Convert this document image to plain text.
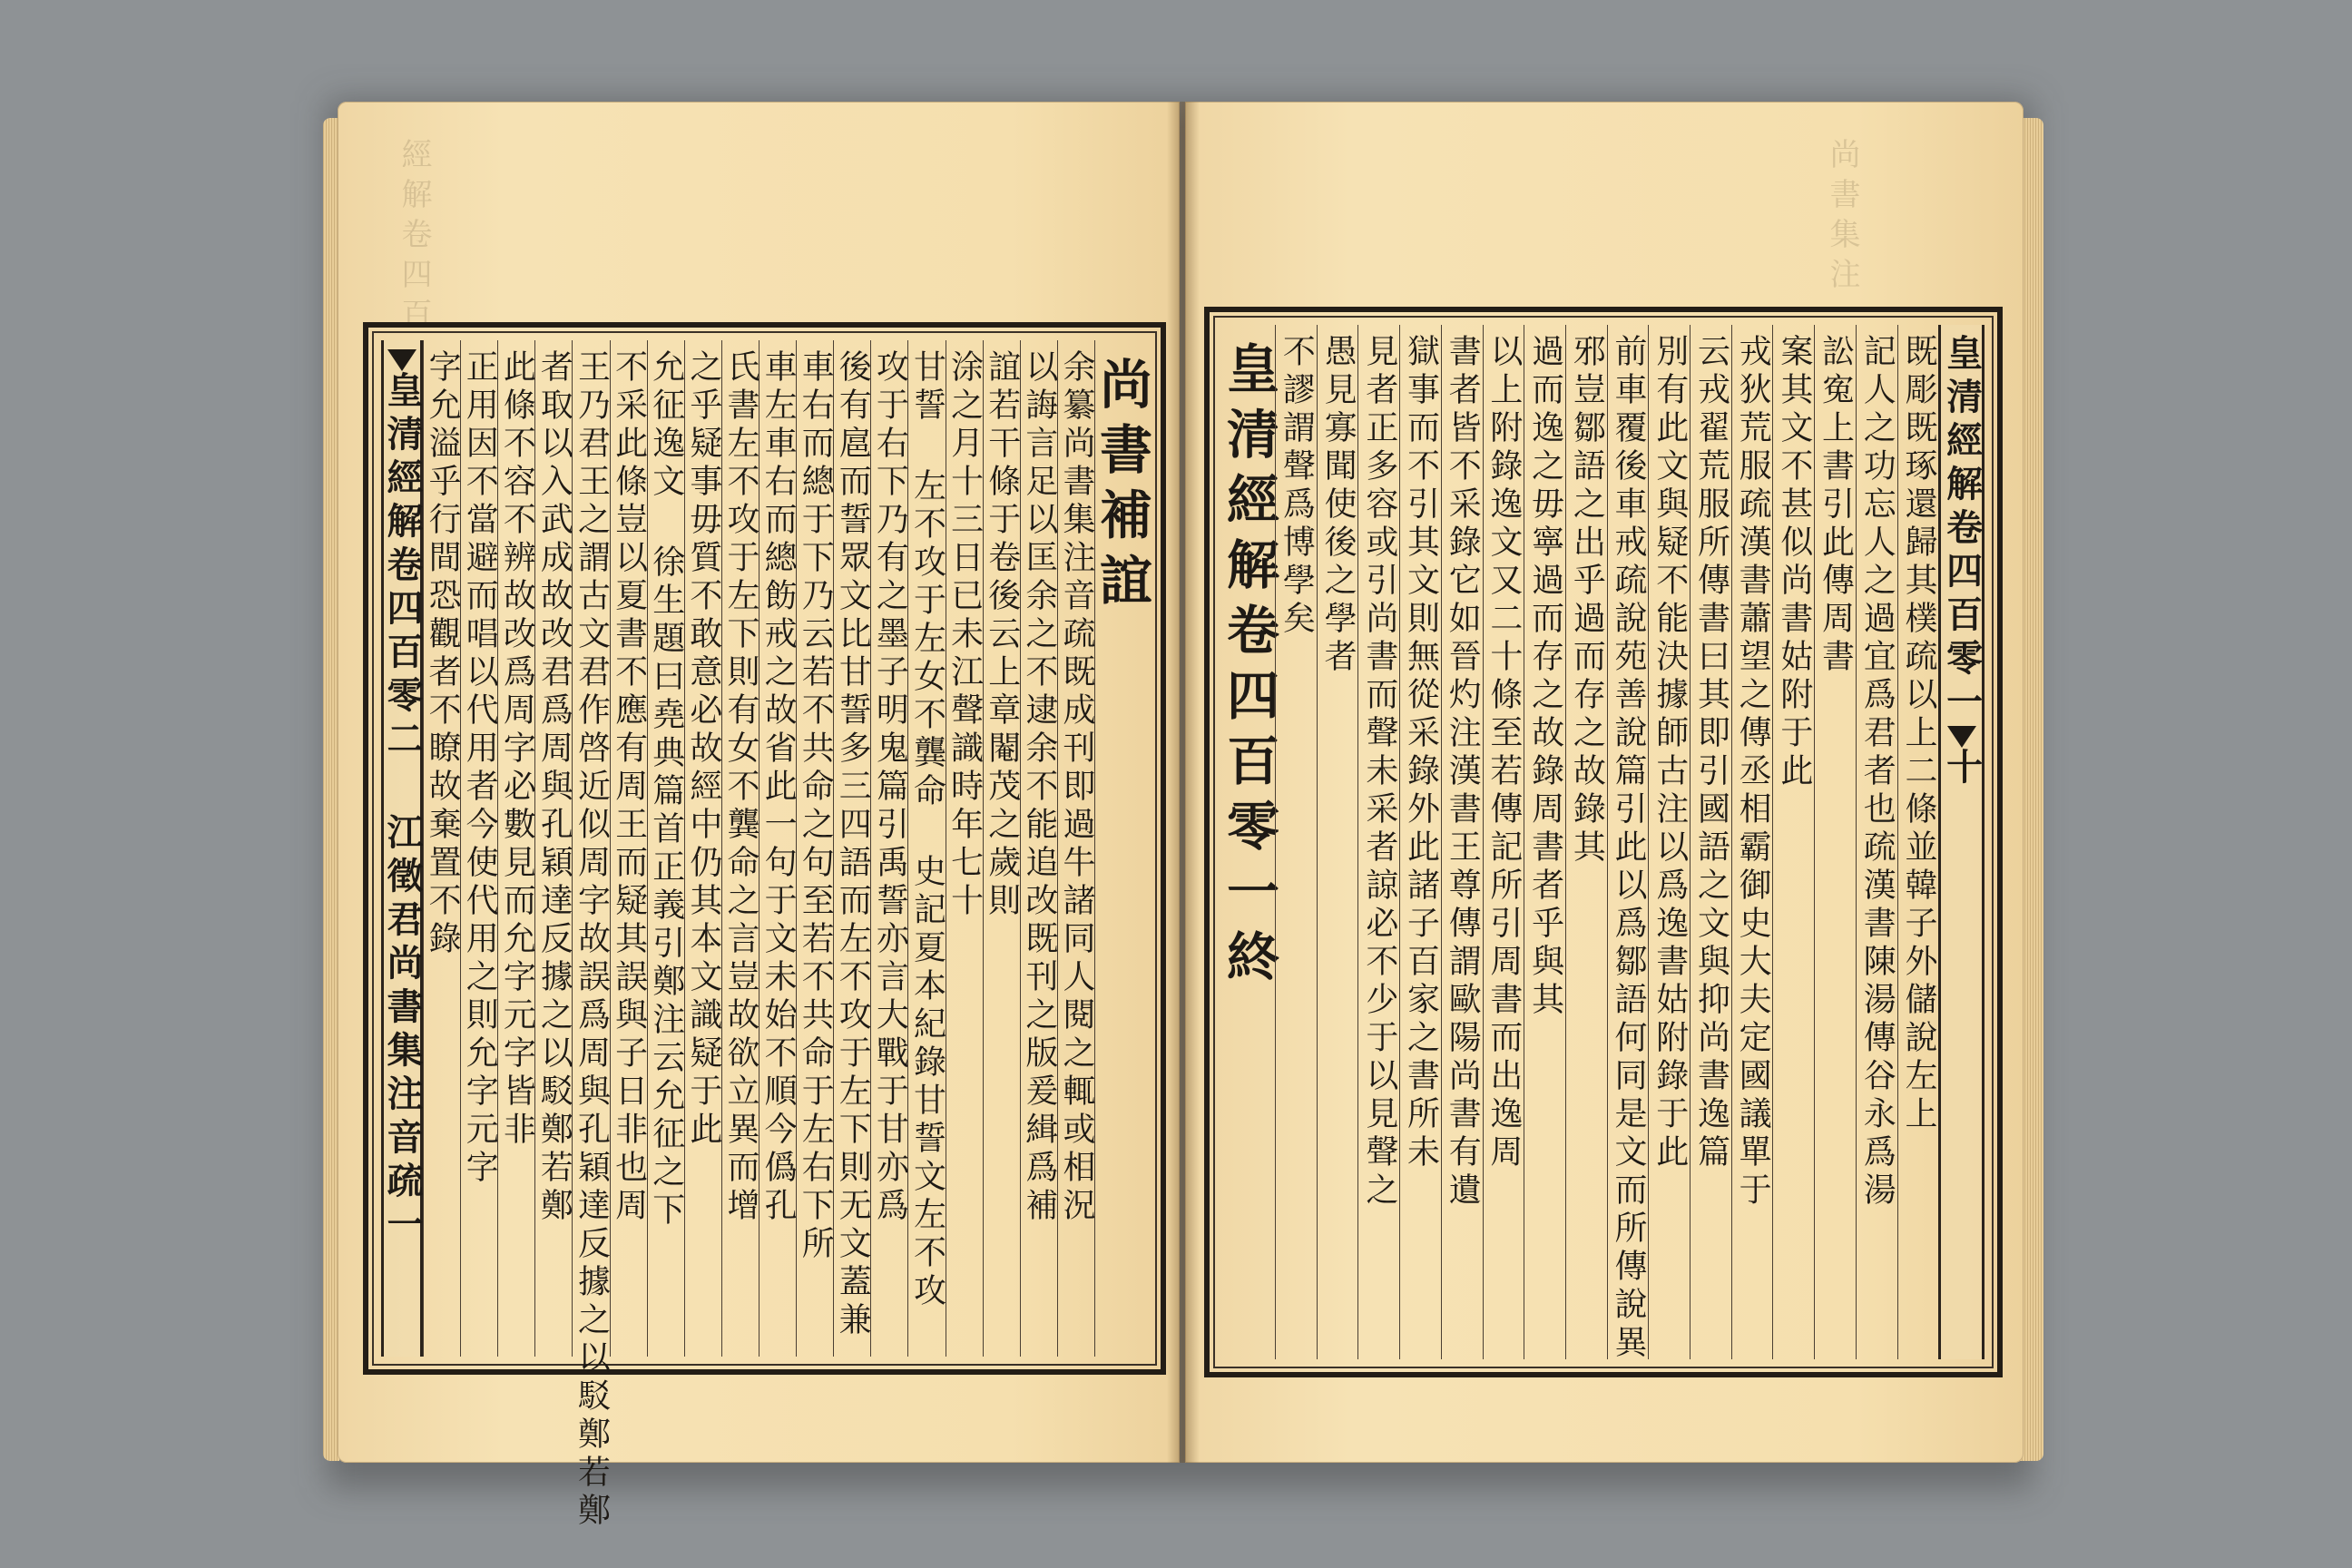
經解卷四百	尚書集注
尚書補誼
余纂尚書集注音疏既成刊即過牛諸同人閱之輒或相況
以誨言足以匡余之不逮余不能追改既刊之版爰緝爲補
誼若干條于卷後云上章閹茂之歲則
涂之月十三日已未江聲識時年七十
甘誓 左不攻于左女不龔命 史記夏本紀錄甘誓文左不攻
攻于右下乃有之墨子明鬼篇引禹誓亦言大戰于甘亦爲
後有扈而誓眾文比甘誓多三四語而左不攻于左下則无文蓋兼
車右而總于下乃云若不共命之句至若不共命于左右下所
車左車右而總飭戒之故省此一句于文未始不順今僞孔
氏書左不攻于左下則有女不龔命之言豈故欲立異而增
之乎疑事毋質不敢意必故經中仍其本文識疑于此
允征逸文 徐生題曰堯典篇首正義引鄭注云允征之下
不采此條豈以夏書不應有周王而疑其誤與子日非也周
王乃君王之謂古文君作啓近似周字故誤爲周與孔穎達反據之以駁鄭若鄭
者取以入武成故改君爲周與孔穎達反據之以駁鄭若鄭
此條不容不辨故改爲周字必數見而允字元字皆非
正用因不當避而唱以代用者今使代用之則允字元字
字允溢乎行間恐觀者不瞭故棄置不錄
皇清經解卷四百零二 江徵君尚書集注音疏
一
皇清經解卷四百零一
十
既彫既琢還歸其樸疏以上二條並韓子外儲說左上
記人之功忘人之過宜爲君者也疏漢書陳湯傳谷永爲湯
訟寃上書引此傳周書
案其文不甚似尚書姑附于此
戎狄荒服疏漢書蕭望之傳丞相霸御史大夫定國議單于
云戎翟荒服所傳書曰其即引國語之文與抑尚書逸篇
別有此文與疑不能決據師古注以爲逸書姑附錄于此
前車覆後車戒疏說苑善說篇引此以爲鄒語何同是文而所傳說異
邪豈鄒語之出乎過而存之故錄其
過而逸之毋寧過而存之故錄周書者乎與其
以上附錄逸文又二十條至若傳記所引周書而出逸周
書者皆不采錄它如晉灼注漢書王尊傳謂歐陽尚書有遺
獄事而不引其文則無從采錄外此諸子百家之書所未
見者正多容或引尚書而聲未采者諒必不少于以見聲之
愚見寡聞使後之學者
不謬謂聲爲博學矣
皇清經解卷四百零一終
